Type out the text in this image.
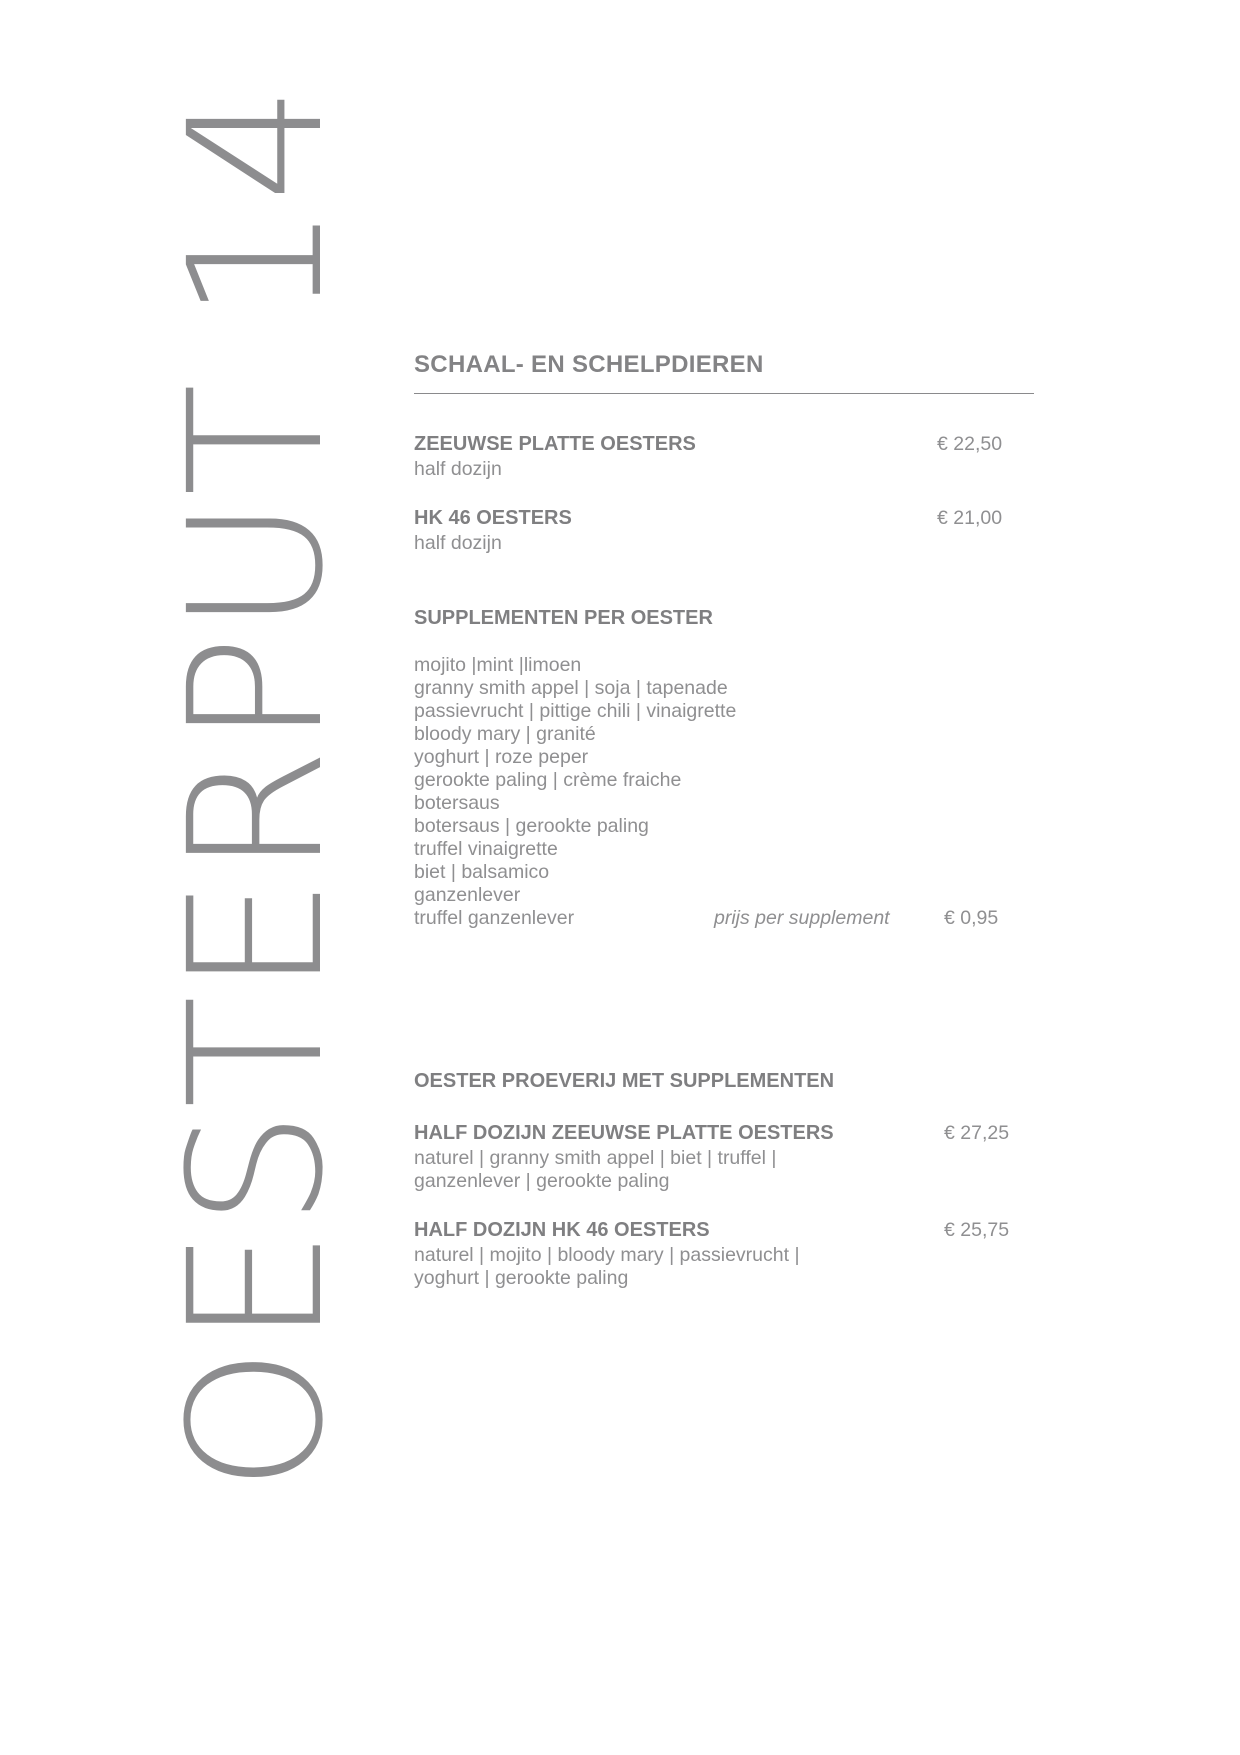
OESTERPUT 14 SCHAAL- EN SCHELPDIEREN
ZEEUWSE PLATTE OESTERS	€ 22,50
half dozijn
HK 46 OESTERS	€ 21,00
half dozijn
SUPPLEMENTEN PER OESTER
mojito |mint |limoen
granny smith appel | soja | tapenade
passievrucht | pittige chili | vinaigrette
bloody mary | granité
yoghurt | roze peper
gerookte paling | crème fraiche
botersaus
botersaus | gerookte paling
truffel vinaigrette
biet | balsamico
ganzenlever
truffel ganzenlever	prijs per supplement	€ 0,95
OESTER PROEVERIJ MET SUPPLEMENTEN
HALF DOZIJN ZEEUWSE PLATTE OESTERS	€ 27,25
naturel | granny smith appel | biet | truffel |
ganzenlever | gerookte paling
HALF DOZIJN HK 46 OESTERS	€ 25,75
naturel | mojito | bloody mary | passievrucht |
yoghurt | gerookte paling
